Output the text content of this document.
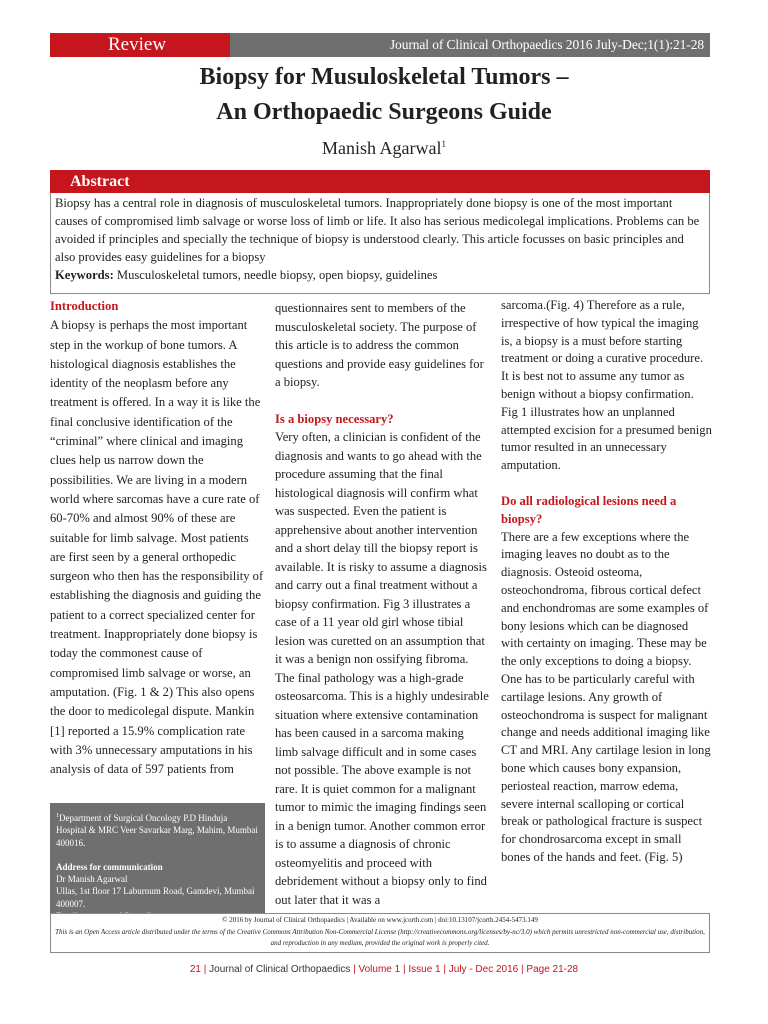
Review	Journal of Clinical Orthopaedics 2016 July-Dec;1(1):21-28
Biopsy for Musuloskeletal Tumors –
An Orthopaedic Surgeons Guide
Manish Agarwal$^1$
Abstract
Biopsy has a central role in diagnosis of musculoskeletal tumors. Inappropriately done biopsy is one of the most important causes of compromised limb salvage or worse loss of limb or life. It also has serious medicolegal implications. Problems can be avoided if principles and specially the technique of biopsy is understood clearly. This article focusses on basic principles and also provides easy guidelines for a biopsy
Keywords: Musculoskeletal tumors, needle biopsy, open biopsy, guidelines

Introduction

A biopsy is perhaps the most important step in the workup of bone tumors. A histological diagnosis establishes the identity of the neoplasm before any treatment is offered. In a way it is like the final conclusive identification of the “criminal” where clinical and imaging clues help us narrow down the possibilities. We are living in a modern world where sarcomas have a cure rate of 60-70% and almost 90% of these are suitable for limb salvage. Most patients are first seen by a general orthopedic surgeon who then has the responsibility of establishing the diagnosis and guiding the patient to a correct specialized center for treatment. Inappropriately done biopsy is today the commonest cause of compromised limb salvage or worse, an amputation. (Fig. 1 & 2) This also opens the door to medicolegal dispute. Mankin [1] reported a 15.9% complication rate with 3% unnecessary amputations in his analysis of data of 597 patients from

questionnaires sent to members of the musculoskeletal society. The purpose of this article is to address the common questions and provide easy guidelines for a biopsy.

Is a biopsy necessary?

Very often, a clinician is confident of the diagnosis and wants to go ahead with the procedure assuming that the final histological diagnosis will confirm what was suspected. Even the patient is apprehensive about another intervention and a short delay till the biopsy report is available. It is risky to assume a diagnosis and carry out a final treatment without a biopsy confirmation. Fig 3 illustrates a case of a 11 year old girl whose tibial lesion was curetted on an assumption that it was a benign non ossifying fibroma. The final pathology was a high-grade osteosarcoma. This is a highly undesirable situation where extensive contamination has been caused in a sarcoma making limb salvage difficult and in some cases not possible. The above example is not rare. It is quiet common for a malignant tumor to mimic the imaging findings seen in a benign tumor. Another common error is to assume a diagnosis of chronic osteomyelitis and proceed with debridement without a biopsy only to find out later that it was a

sarcoma.(Fig. 4) Therefore as a rule, irrespective of how typical the imaging is, a biopsy is a must before starting treatment or doing a curative procedure. It is best not to assume any tumor as benign without a biopsy confirmation. Fig 1 illustrates how an unplanned attempted excision for a presumed benign tumor resulted in an unnecessary amputation.

Do all radiological lesions need a biopsy?

There are a few exceptions where the imaging leaves no doubt as to the diagnosis. Osteoid osteoma, osteochondroma, fibrous cortical defect and enchondromas are some examples of bony lesions which can be diagnosed with certainty on imaging. These may be the only exceptions to doing a biopsy. One has to be particularly careful with cartilage lesions. Any growth of osteochondroma is suspect for malignant change and needs additional imaging like CT and MRI. Any cartilage lesion in long bone which causes bony expansion, periosteal reaction, marrow edema, severe internal scalloping or cortical break or pathological fracture is suspect for chondrosarcoma except in small bones of the hands and feet. (Fig. 5)

$^1$Department of Surgical Oncology P.D Hinduja Hospital & MRC Veer Savarkar Marg, Mahim, Mumbai 400016.
Address for communication
Dr Manish Agarwal
Ullas, 1st floor 17 Laburnum Road, Gamdevi, Mumbai 400007.
Email: mgagarwal@gmail.com	© 2016 by Journal of Clinical Orthopaedics | Available on www.jcorth.com | doi:10.13107/jcorth.2454-5473.149
This is an Open Access article distributed under the terms of the Creative Commons Attribution Non-Commercial License (http://creativecommons.org/licenses/by-nc/3.0) which permits unrestricted non-commercial use, distribution, and reproduction in any medium, provided the original work is properly cited.
21 | Journal of Clinical Orthopaedics | Volume 1 | Issue 1 | July - Dec 2016 | Page 21-28
